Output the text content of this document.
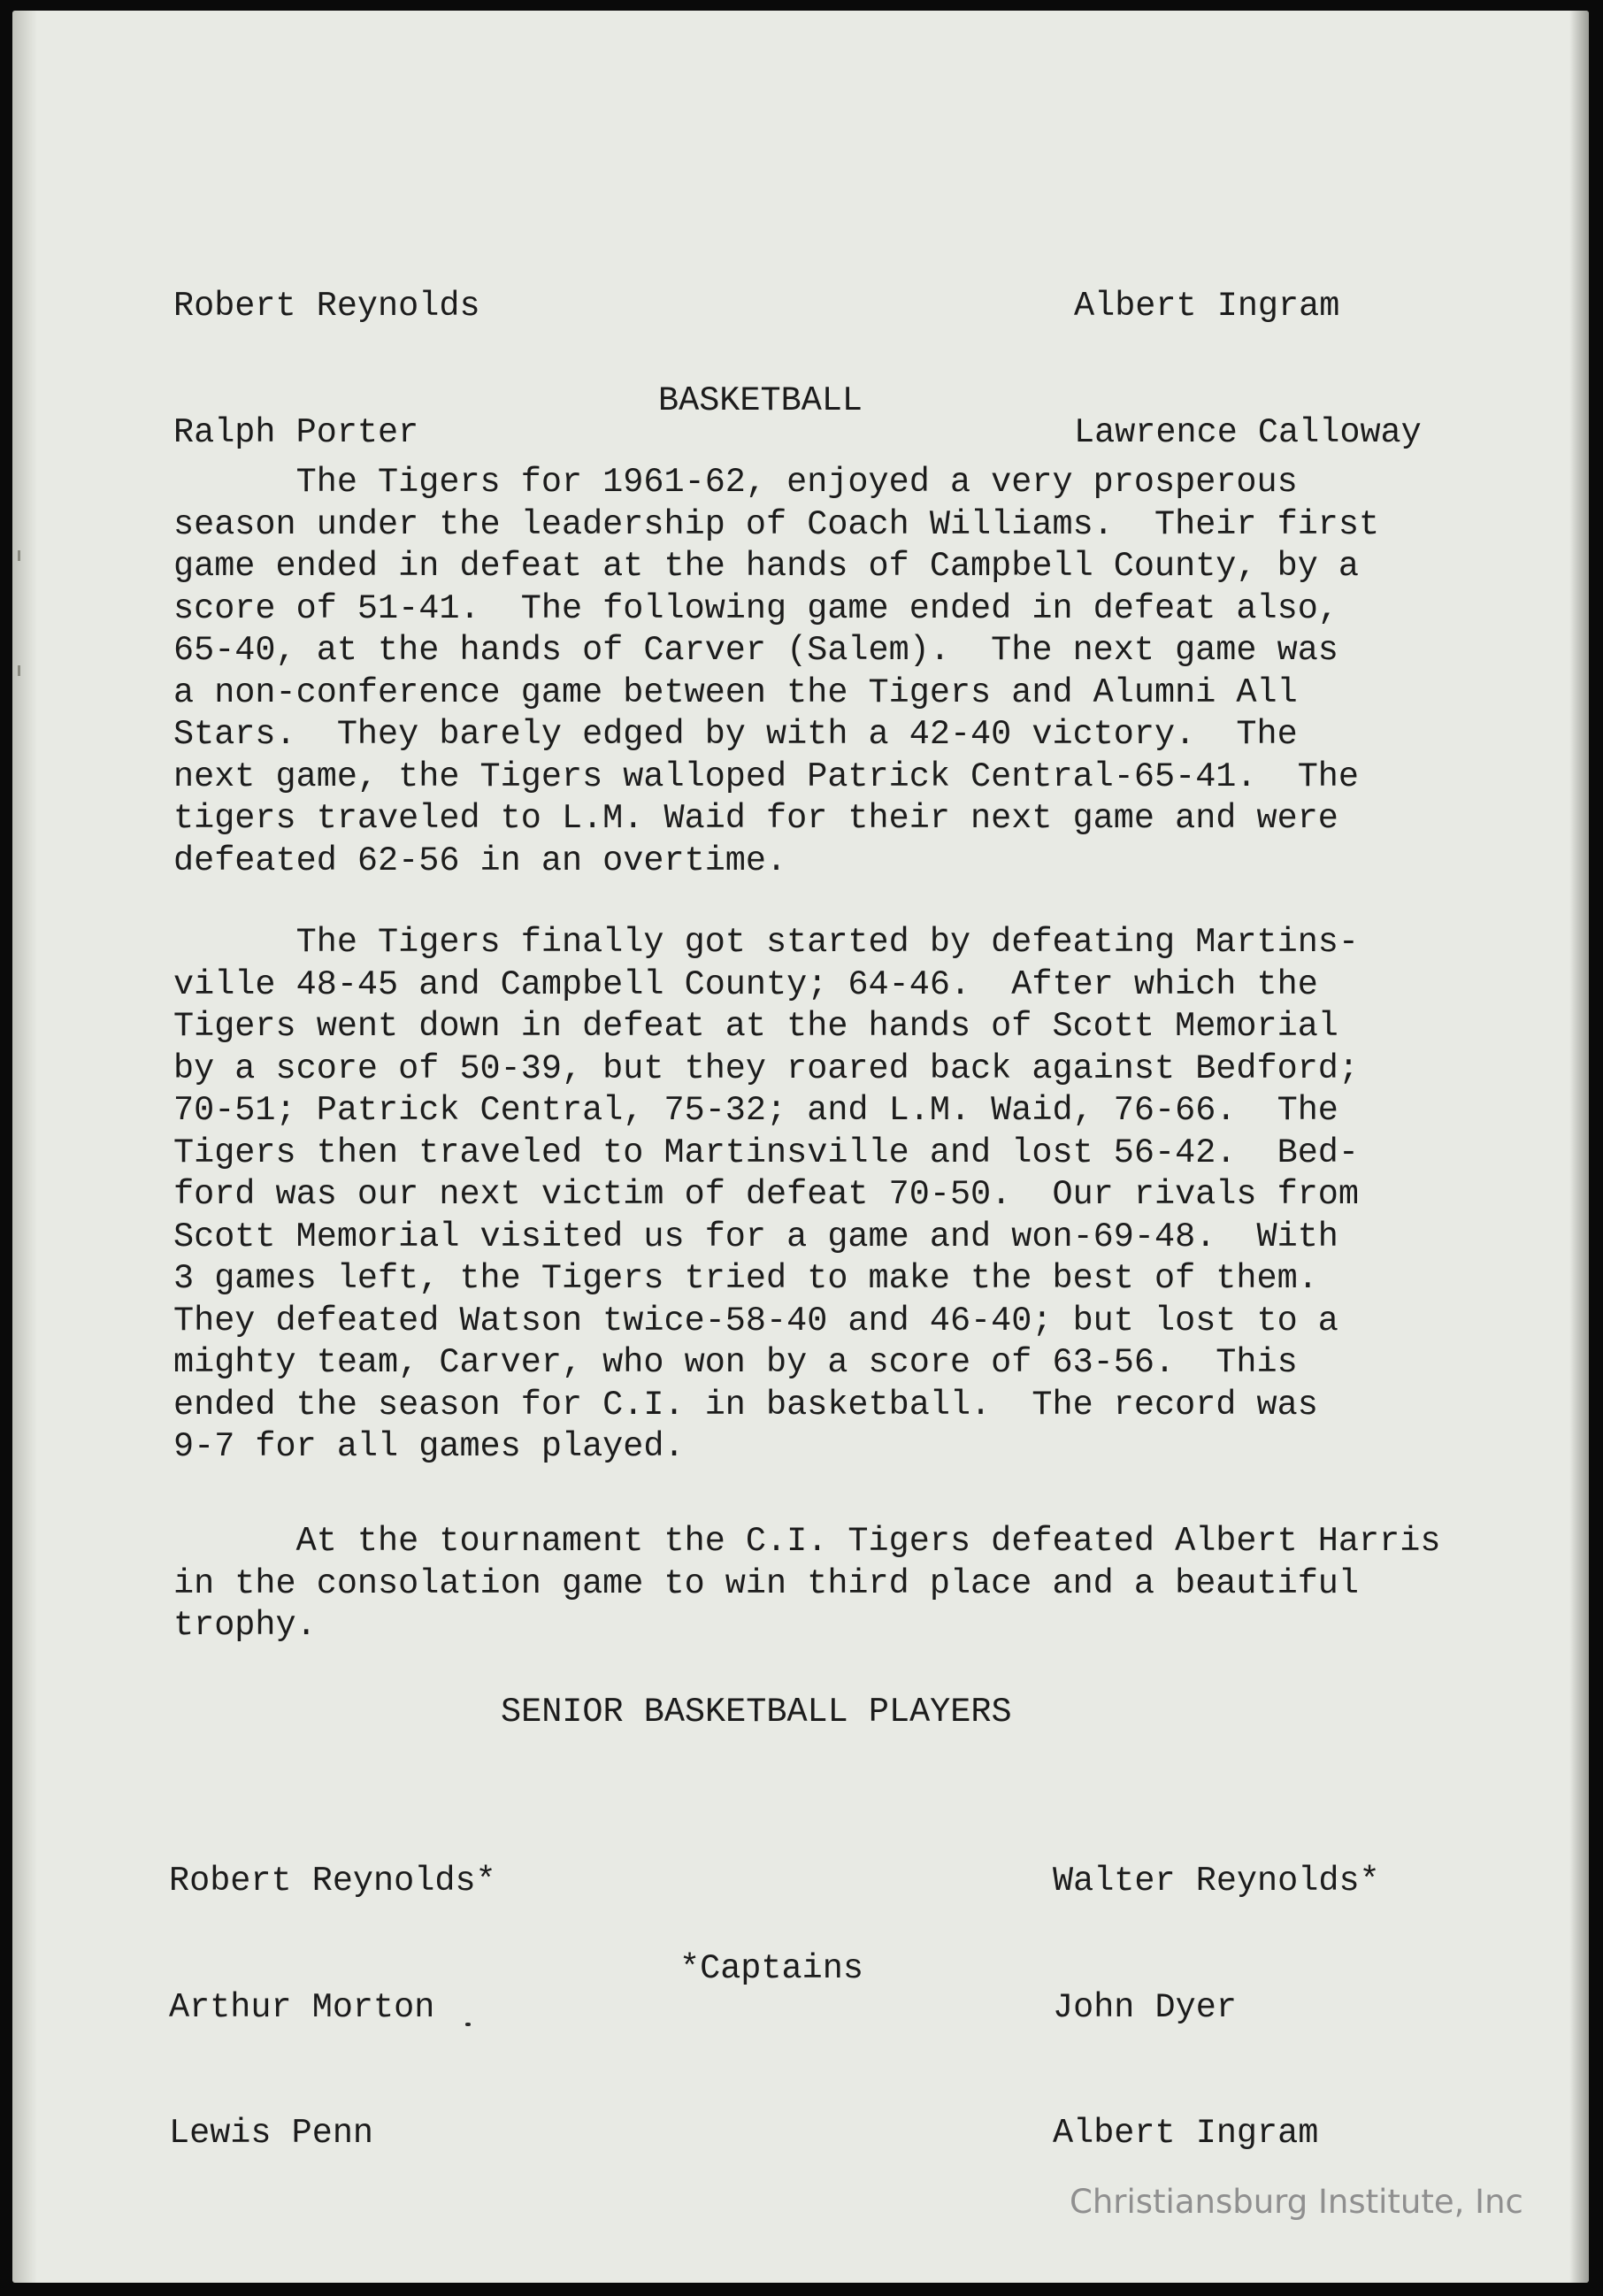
Robert Reynolds

Ralph Porter

Albert Ingram

Lawrence Calloway

BASKETBALL
The Tigers for 1961-62, enjoyed a very prosperous
season under the leadership of Coach Williams.  Their first
game ended in defeat at the hands of Campbell County, by a
score of 51-41.  The following game ended in defeat also,
65-40, at the hands of Carver (Salem).  The next game was
a non-conference game between the Tigers and Alumni All
Stars.  They barely edged by with a 42-40 victory.  The
next game, the Tigers walloped Patrick Central-65-41.  The
tigers traveled to L.M. Waid for their next game and were
defeated 62-56 in an overtime.
The Tigers finally got started by defeating Martins-
ville 48-45 and Campbell County; 64-46.  After which the
Tigers went down in defeat at the hands of Scott Memorial
by a score of 50-39, but they roared back against Bedford;
70-51; Patrick Central, 75-32; and L.M. Waid, 76-66.  The
Tigers then traveled to Martinsville and lost 56-42.  Bed-
ford was our next victim of defeat 70-50.  Our rivals from
Scott Memorial visited us for a game and won-69-48.  With
3 games left, the Tigers tried to make the best of them.
They defeated Watson twice-58-40 and 46-40; but lost to a
mighty team, Carver, who won by a score of 63-56.  This
ended the season for C.I. in basketball.  The record was
9-7 for all games played.
At the tournament the C.I. Tigers defeated Albert Harris
in the consolation game to win third place and a beautiful
trophy.
SENIOR BASKETBALL PLAYERS

Robert Reynolds*

Arthur Morton

Lewis Penn

Walter Reynolds*

John Dyer

Albert Ingram

*Captains
Christiansburg Institute, Inc
